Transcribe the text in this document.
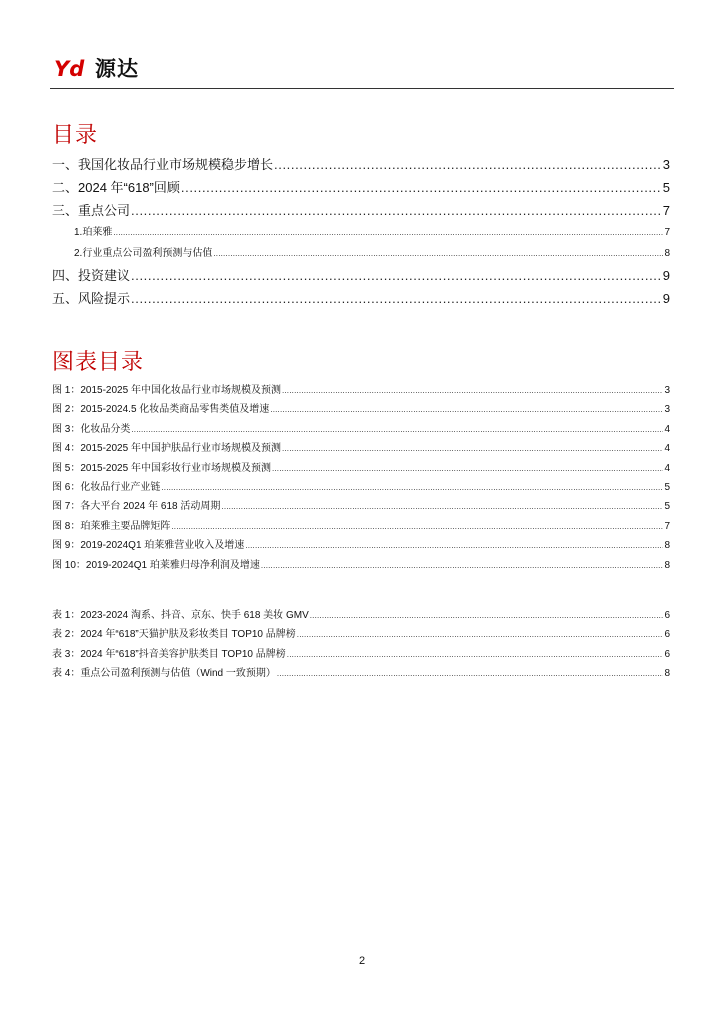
Yd 源达
目录
一、我国化妆品行业市场规模稳步增长 .....	3
二、2024 年“618”回顾 .....	5
三、重点公司 .....	7
1.珀莱雅 .....	7
2.行业重点公司盈利预测与估值 .....	8
四、投资建议 .....	9
五、风险提示 .....	9
图表目录
图 1：2015-2025 年中国化妆品行业市场规模及预测 .....	3
图 2：2015-2024.5 化妆品类商品零售类值及增速 .....	3
图 3：化妆品分类 .....	4
图 4：2015-2025 年中国护肤品行业市场规模及预测 .....	4
图 5：2015-2025 年中国彩妆行业市场规模及预测 .....	4
图 6：化妆品行业产业链 .....	5
图 7：各大平台 2024 年 618 活动周期 .....	5
图 8：珀莱雅主要品牌矩阵 .....	7
图 9：2019-2024Q1 珀莱雅营业收入及增速 .....	8
图 10：2019-2024Q1 珀莱雅归母净利润及增速 .....	8
表 1：2023-2024 淘系、抖音、京东、快手 618 美妆 GMV .....	6
表 2：2024 年“618”天猫护肤及彩妆类目 TOP10 品牌榜 .....	6
表 3：2024 年“618”抖音美容护肤类目 TOP10 品牌榜 .....	6
表 4：重点公司盈利预测与估值（Wind 一致预期） .....	8
2
